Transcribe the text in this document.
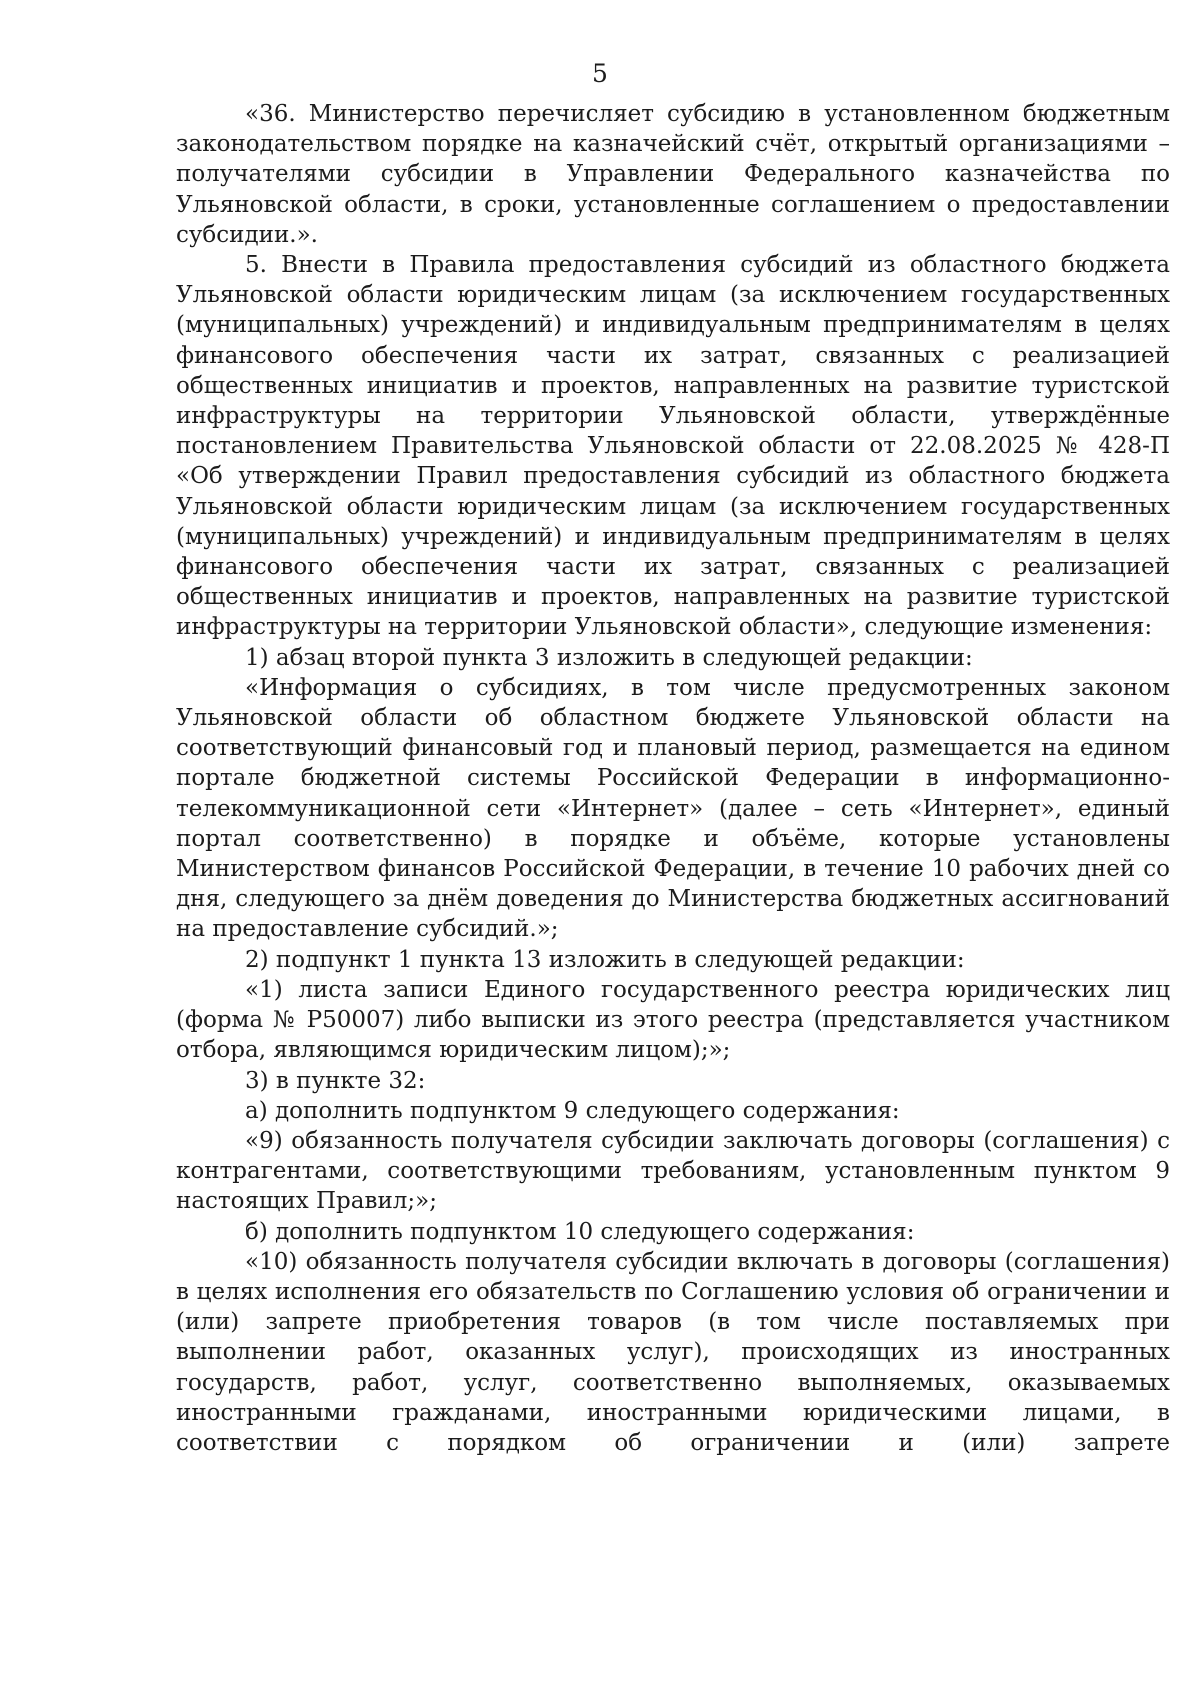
5

«36. Министерство перечисляет субсидию в установленном бюджетным законодательством порядке на казначейский счёт, открытый организациями – получателями субсидии в Управлении Федерального казначейства по Ульяновской области, в сроки, установленные соглашением о предоставлении субсидии.».

5. Внести в Правила предоставления субсидий из областного бюджета Ульяновской области юридическим лицам (за исключением государственных (муниципальных) учреждений) и индивидуальным предпринимателям в целях финансового обеспечения части их затрат, связанных с реализацией общественных инициатив и проектов, направленных на развитие туристской инфраструктуры на территории Ульяновской области, утверждённые постановлением Правительства Ульяновской области от 22.08.2025 № 428-П «Об утверждении Правил предоставления субсидий из областного бюджета Ульяновской области юридическим лицам (за исключением государственных (муниципальных) учреждений) и индивидуальным предпринимателям в целях финансового обеспечения части их затрат, связанных с реализацией общественных инициатив и проектов, направленных на развитие туристской инфраструктуры на территории Ульяновской области», следующие изменения:

1) абзац второй пункта 3 изложить в следующей редакции:

«Информация о субсидиях, в том числе предусмотренных законом Ульяновской области об областном бюджете Ульяновской области на соответствующий финансовый год и плановый период, размещается на едином портале бюджетной системы Российской Федерации в информационно-телекоммуникационной сети «Интернет» (далее – сеть «Интернет», единый портал соответственно) в порядке и объёме, которые установлены Министерством финансов Российской Федерации, в течение 10 рабочих дней со дня, следующего за днём доведения до Министерства бюджетных ассигнований на предоставление субсидий.»;

2) подпункт 1 пункта 13 изложить в следующей редакции:

«1) листа записи Единого государственного реестра юридических лиц (форма № Р50007) либо выписки из этого реестра (представляется участником отбора, являющимся юридическим лицом);»;

3) в пункте 32:

а) дополнить подпунктом 9 следующего содержания:

«9) обязанность получателя субсидии заключать договоры (соглашения) с контрагентами, соответствующими требованиям, установленным пунктом 9 настоящих Правил;»;

б) дополнить подпунктом 10 следующего содержания:

«10) обязанность получателя субсидии включать в договоры (соглашения) в целях исполнения его обязательств по Соглашению условия об ограничении и (или) запрете приобретения товаров (в том числе поставляемых при выполнении работ, оказанных услуг), происходящих из иностранных государств, работ, услуг, соответственно выполняемых, оказываемых иностранными гражданами, иностранными юридическими лицами, в соответствии с порядком об ограничении и (или) запрете
